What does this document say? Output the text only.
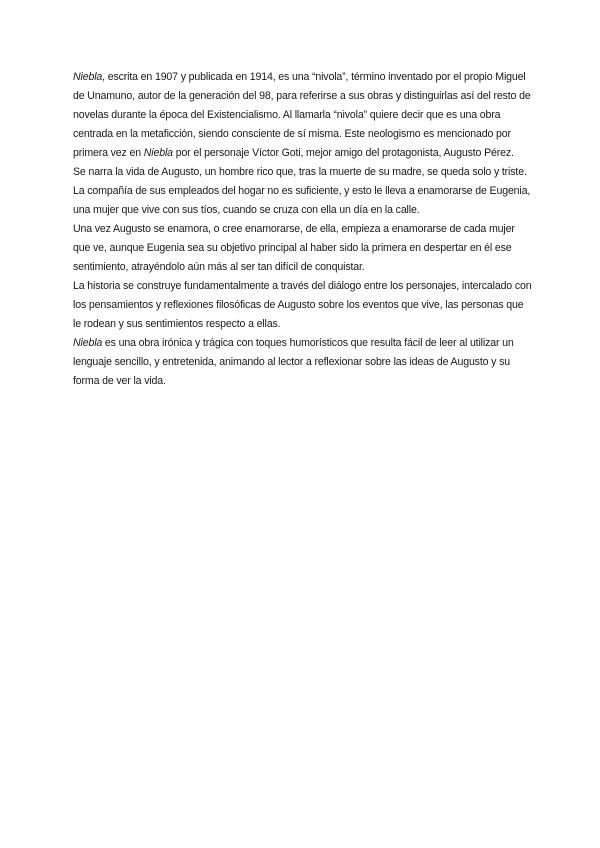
Niebla, escrita en 1907 y publicada en 1914, es una “nivola”, término inventado por el propio Miguel de Unamuno, autor de la generación del 98, para referirse a sus obras y distinguirlas así del resto de novelas durante la época del Existencialismo. Al llamarla “nivola” quiere decir que es una obra centrada en la metaficción, siendo consciente de sí misma. Este neologismo es mencionado por primera vez en Niebla por el personaje Víctor Goti, mejor amigo del protagonista, Augusto Pérez.

Se narra la vida de Augusto, un hombre rico que, tras la muerte de su madre, se queda solo y triste. La compañía de sus empleados del hogar no es suficiente, y esto le lleva a enamorarse de Eugenia, una mujer que vive con sus tíos, cuando se cruza con ella un día en la calle.

Una vez Augusto se enamora, o cree enamorarse, de ella, empieza a enamorarse de cada mujer que ve, aunque Eugenia sea su objetivo principal al haber sido la primera en despertar en él ese sentimiento, atrayéndolo aún más al ser tan difícil de conquistar.

La historia se construye fundamentalmente a través del diálogo entre los personajes, intercalado con los pensamientos y reflexiones filosóficas de Augusto sobre los eventos que vive, las personas que le rodean y sus sentimientos respecto a ellas.

Niebla es una obra irónica y trágica con toques humorísticos que resulta fácil de leer al utilizar un lenguaje sencillo, y entretenida, animando al lector a reflexionar sobre las ideas de Augusto y su forma de ver la vida.
